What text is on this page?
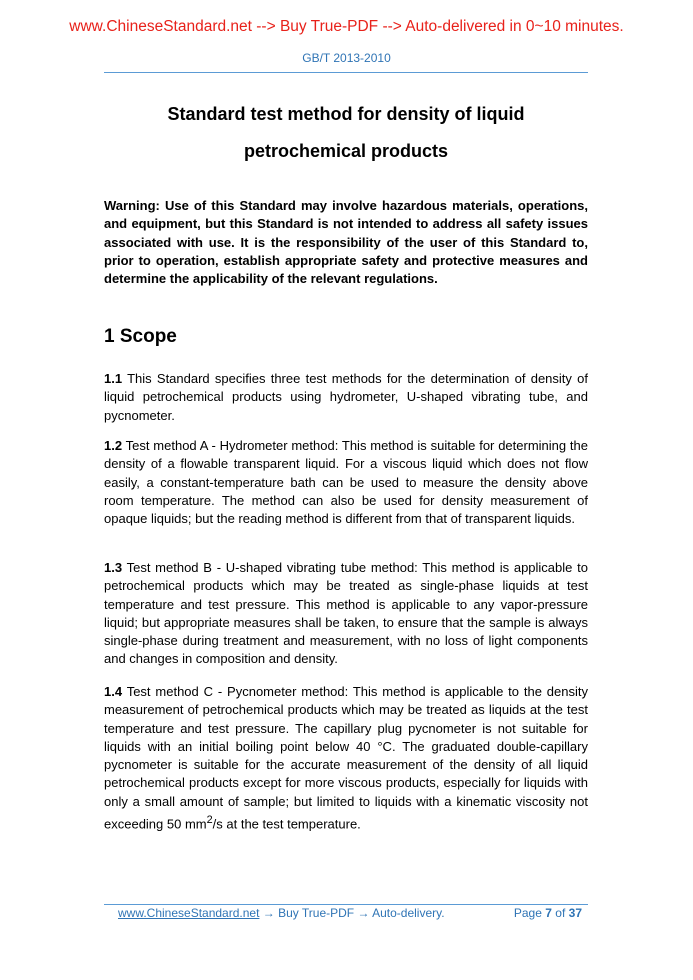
www.ChineseStandard.net --> Buy True-PDF --> Auto-delivered in 0~10 minutes.
GB/T 2013-2010
Standard test method for density of liquid
petrochemical products
Warning: Use of this Standard may involve hazardous materials, operations, and equipment, but this Standard is not intended to address all safety issues associated with use. It is the responsibility of the user of this Standard to, prior to operation, establish appropriate safety and protective measures and determine the applicability of the relevant regulations.
1 Scope

1.1 This Standard specifies three test methods for the determination of density of liquid petrochemical products using hydrometer, U-shaped vibrating tube, and pycnometer.

1.2 Test method A - Hydrometer method: This method is suitable for determining the density of a flowable transparent liquid. For a viscous liquid which does not flow easily, a constant-temperature bath can be used to measure the density above room temperature. The method can also be used for density measurement of opaque liquids; but the reading method is different from that of transparent liquids.

1.3 Test method B - U-shaped vibrating tube method: This method is applicable to petrochemical products which may be treated as single-phase liquids at test temperature and test pressure. This method is applicable to any vapor-pressure liquid; but appropriate measures shall be taken, to ensure that the sample is always single-phase during treatment and measurement, with no loss of light components and changes in composition and density.

1.4 Test method C - Pycnometer method: This method is applicable to the density measurement of petrochemical products which may be treated as liquids at the test temperature and test pressure. The capillary plug pycnometer is not suitable for liquids with an initial boiling point below 40 °C. The graduated double-capillary pycnometer is suitable for the accurate measurement of the density of all liquid petrochemical products except for more viscous products, especially for liquids with only a small amount of sample; but limited to liquids with a kinematic viscosity not exceeding 50 $mm^2/s$ at the test temperature.

www.ChineseStandard.net → Buy True-PDF → Auto-delivery.	Page 7 of 37
